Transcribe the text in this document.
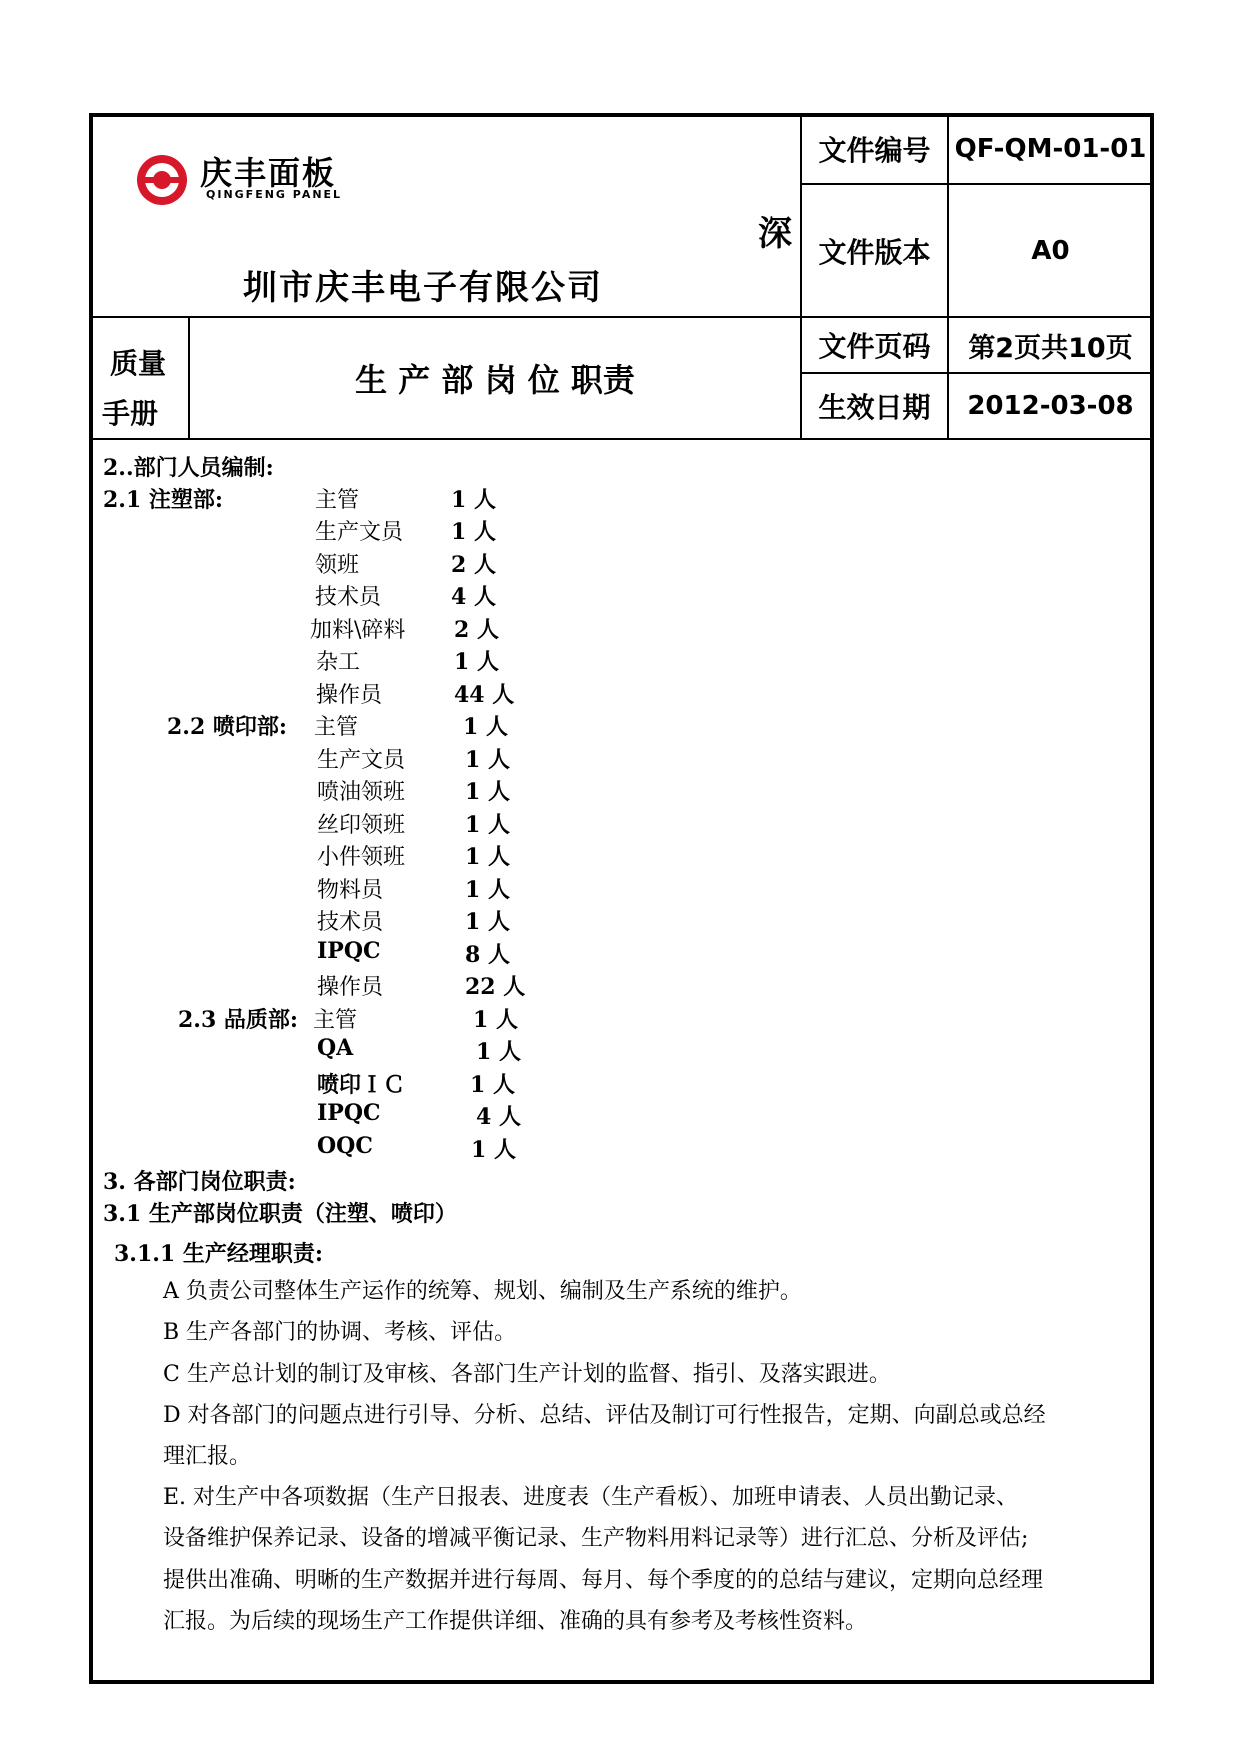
庆丰面板
QINGFENG PANEL
深
圳市庆丰电子有限公司
质量
手册
生 产 部 岗 位 职责
文件编号 QF-QM-01-01
文件版本	A0
文件页码	第2页共10页
生效日期	2012-03-08
2..部门人员编制:
2.1 注塑部:	主管	1 人
生产文员 1 人
领班	2 人
技术员	4 人
加料\碎料 2 人
杂工	1 人
操作员	44 人
2.2 喷印部: 主管	1 人
生产文员	1 人
喷油领班	1 人
丝印领班	1 人
小件领班	1 人
物料员	1 人
技术员	1 人
IPQC	8 人
操作员	22 人
2.3 品质部: 主管	1 人
QA	1 人
喷印ＩＣ	1 人
IPQC	4 人
OQC	1 人
3. 各部门岗位职责:
3.1 生产部岗位职责（注塑、喷印）
3.1.1 生产经理职责:
A 负责公司整体生产运作的统筹、规划、编制及生产系统的维护。
B 生产各部门的协调、考核、评估。
C 生产总计划的制订及审核、各部门生产计划的监督、指引、及落实跟进。
D 对各部门的问题点进行引导、分析、总结、评估及制订可行性报告，定期、向副总或总经
理汇报。
E. 对生产中各项数据（生产日报表、进度表（生产看板）、加班申请表、人员出勤记录、
设备维护保养记录、设备的增减平衡记录、生产物料用料记录等）进行汇总、分析及评估;
提供出准确、明晰的生产数据并进行每周、每月、每个季度的的总结与建议，定期向总经理
汇报。为后续的现场生产工作提供详细、准确的具有参考及考核性资料。
